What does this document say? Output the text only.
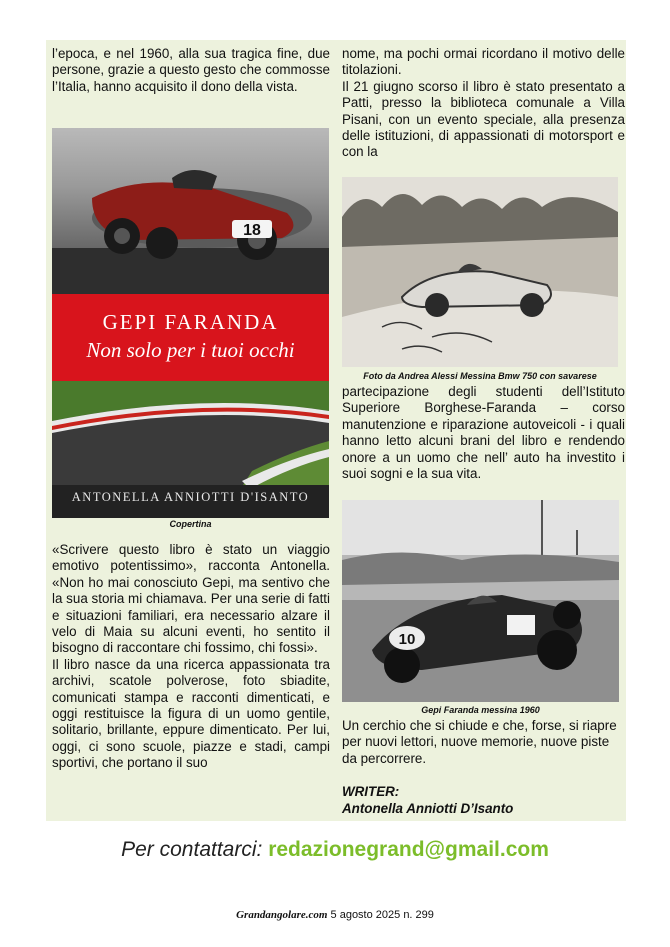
l’epoca, e nel 1960, alla sua tragica fine, due persone, grazie a questo gesto che commosse l’Italia, hanno acquisito il dono della vista.

18
GEPI FARANDA
Non solo per i tuoi occhi
ANTONELLA ANNIOTTI D'ISANTO
Copertina

«Scrivere questo libro è stato un viaggio emotivo potentissimo», racconta Antonella. «Non ho mai conosciuto Gepi, ma sentivo che la sua storia mi chiamava. Per una serie di fatti e situazioni familiari, era necessario alzare il velo di Maia su alcuni eventi, ho sentito il bisogno di raccontare chi fossimo, chi fossi».

Il libro nasce da una ricerca appassionata tra archivi, scatole polverose, foto sbiadite, comunicati stampa e racconti dimenticati, e oggi restituisce la figura di un uomo gentile, solitario, brillante, eppure dimenticato. Per lui, oggi, ci sono scuole, piazze e stadi, campi sportivi, che portano il suo

nome, ma pochi ormai ricordano il motivo delle titolazioni.

Il 21 giugno scorso il libro è stato presentato a Patti, presso la biblioteca comunale a Villa Pisani, con un evento speciale, alla presenza delle istituzioni, di appassionati di motorsport e con la

Foto da Andrea Alessi Messina Bmw 750 con savarese

partecipazione degli studenti dell’Istituto Superiore Borghese-Faranda – corso manutenzione e riparazione autoveicoli - i quali hanno letto alcuni brani del libro e rendendo onore a un uomo che nell’ auto ha investito i suoi sogni e la sua vita.

10
Gepi Faranda messina 1960

Un cerchio che si chiude e che, forse, si riapre per nuovi lettori, nuove memorie, nuove piste da percorrere.

WRITER:

Antonella Anniotti D’Isanto

Per contattarci: redazionegrand@gmail.com
Grandangolare.com 5 agosto 2025 n. 299
